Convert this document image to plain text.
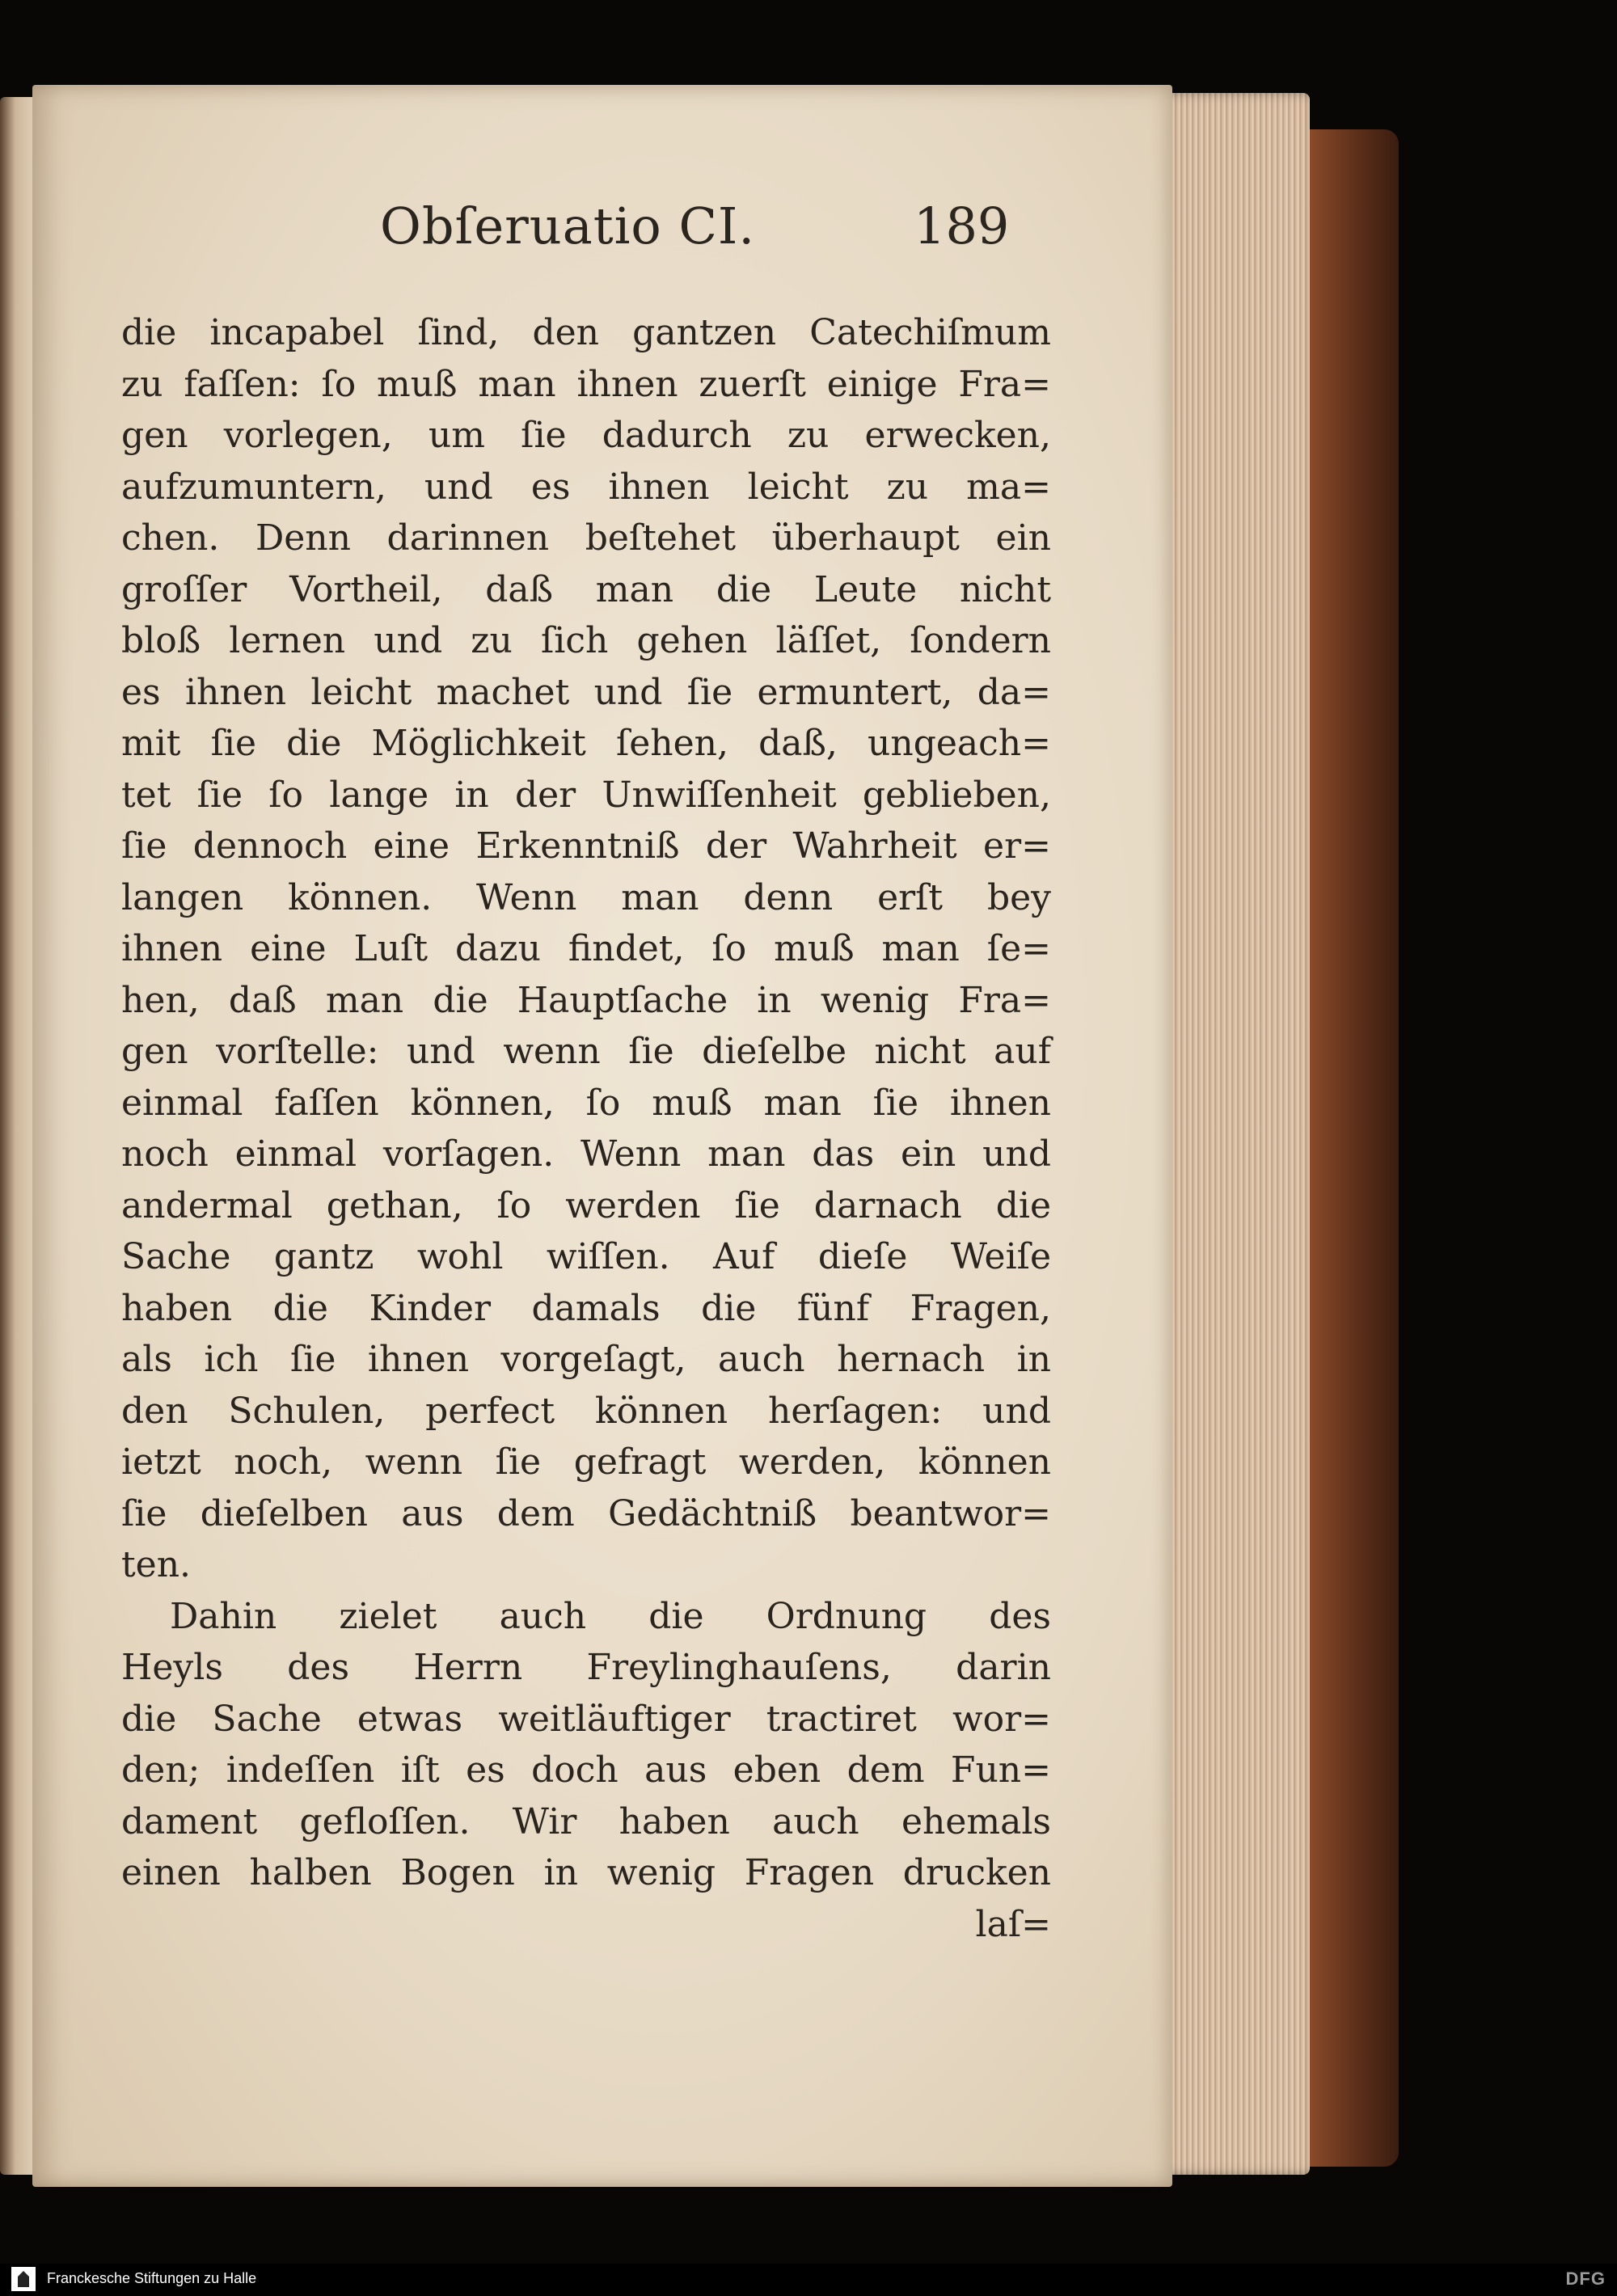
Obſeruatio CI.	189
die incapabel ſind, den gantzen Catechiſmum
zu faſſen: ſo muß man ihnen zuerſt einige Fra=
gen vorlegen, um ſie dadurch zu erwecken,
aufzumuntern, und es ihnen leicht zu ma=
chen. Denn darinnen beſtehet überhaupt ein
groſſer Vortheil, daß man die Leute nicht
bloß lernen und zu ſich gehen läſſet, ſondern
es ihnen leicht machet und ſie ermuntert, da=
mit ſie die Möglichkeit ſehen, daß, ungeach=
tet ſie ſo lange in der Unwiſſenheit geblieben,
ſie dennoch eine Erkenntniß der Wahrheit er=
langen können. Wenn man denn erſt bey
ihnen eine Luſt dazu findet, ſo muß man ſe=
hen, daß man die Hauptſache in wenig Fra=
gen vorſtelle: und wenn ſie dieſelbe nicht auf
einmal faſſen können, ſo muß man ſie ihnen
noch einmal vorſagen. Wenn man das ein und
andermal gethan, ſo werden ſie darnach die
Sache gantz wohl wiſſen. Auf dieſe Weiſe
haben die Kinder damals die fünf Fragen,
als ich ſie ihnen vorgeſagt, auch hernach in
den Schulen, perfect können herſagen: und
ietzt noch, wenn ſie gefragt werden, können
ſie dieſelben aus dem Gedächtniß beantwor=
ten.
Dahin zielet auch die Ordnung des
Heyls des Herrn Freylinghauſens, darin
die Sache etwas weitläuftiger tractiret wor=
den; indeſſen iſt es doch aus eben dem Fun=
dament gefloſſen. Wir haben auch ehemals
einen halben Bogen in wenig Fragen drucken
laſ=
Franckesche Stiftungen zu Halle	DFG
